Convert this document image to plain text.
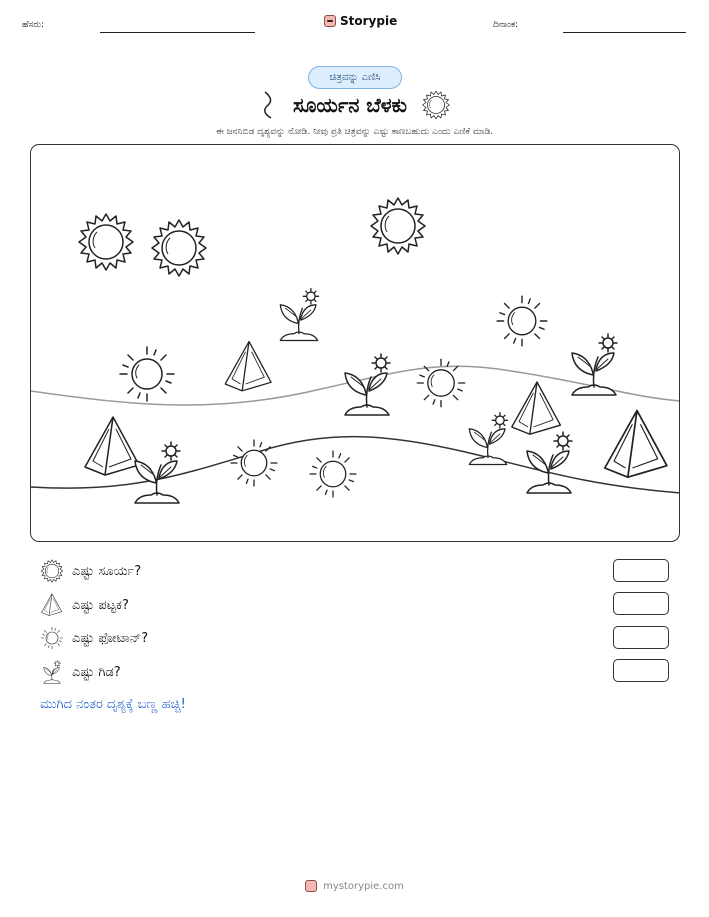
ಹೆಸರು:	Storypie	ದಿನಾಂಕ:
ಚಿತ್ರವನ್ನು ಎಣಿಸಿ
ಸೂರ್ಯನ ಬೆಳಕು
ಈ ಜನನಿಬಿಡ ದೃಶ್ಯವನ್ನು ನೋಡಿ. ನೀವು ಪ್ರತಿ ಚಿತ್ರವನ್ನು ಎಷ್ಟು ಕಾಣಬಹುದು ಎಂದು ಎಣಿಕೆ ಮಾಡಿ.
ಎಷ್ಟು ಸೂರ್ಯ?
ಎಷ್ಟು ಪಟ್ಟಕ?
ಎಷ್ಟು ಫೋಟಾನ್?
ಎಷ್ಟು ಗಿಡ?
ಮುಗಿದ ನಂತರ ದೃಶ್ಯಕ್ಕೆ ಬಣ್ಣ ಹಚ್ಚಿ!
mystorypie.com
